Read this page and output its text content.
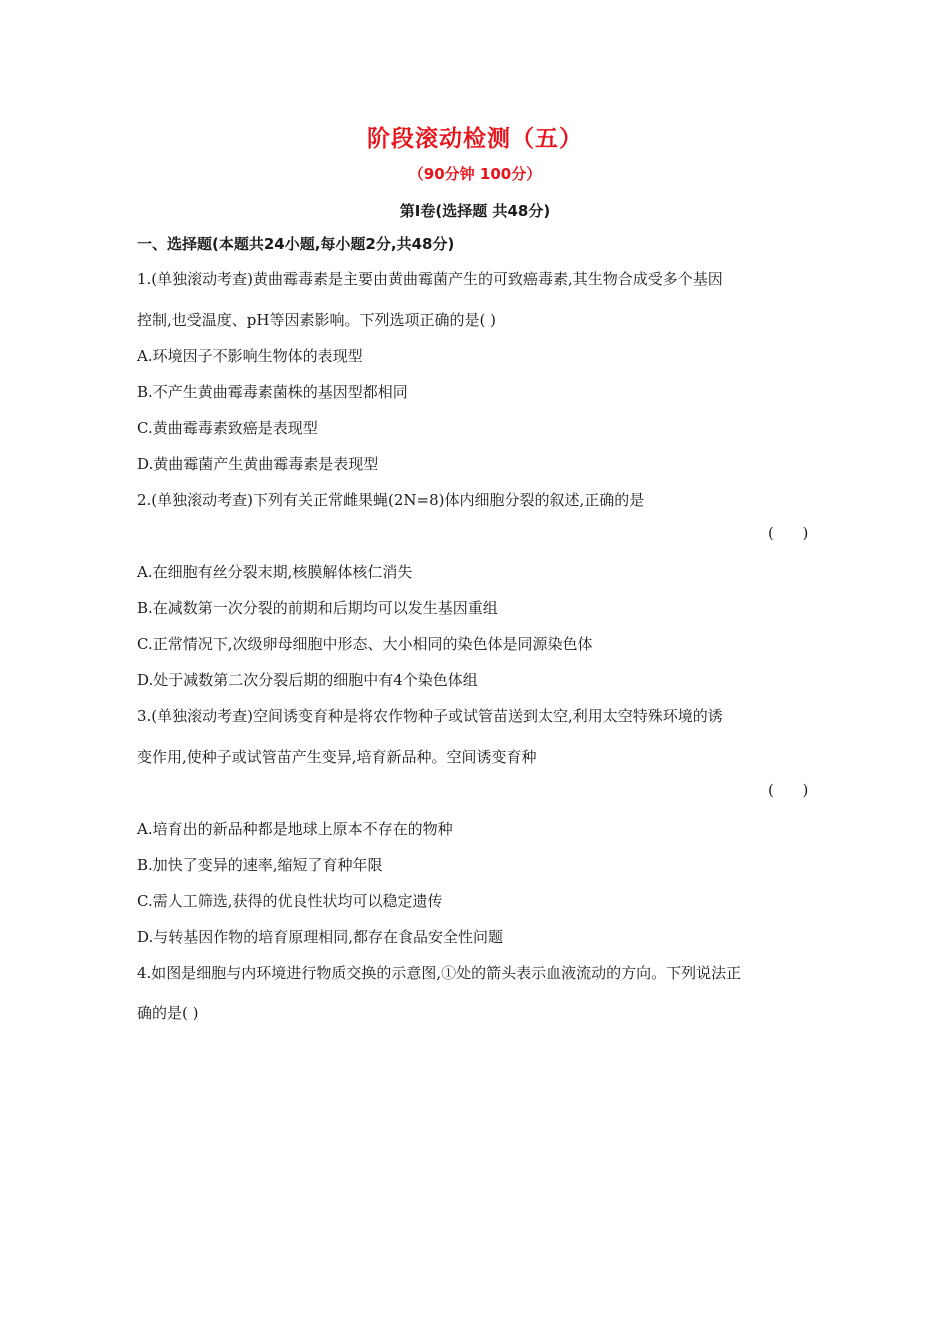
阶段滚动检测（五）
（90分钟 100分）
第Ⅰ卷(选择题 共48分)
一、选择题(本题共24小题,每小题2分,共48分)
1.(单独滚动考查)黄曲霉毒素是主要由黄曲霉菌产生的可致癌毒素,其生物合成受多个基因
控制,也受温度、pH等因素影响。下列选项正确的是( )
A.环境因子不影响生物体的表现型
B.不产生黄曲霉毒素菌株的基因型都相同
C.黄曲霉毒素致癌是表现型
D.黄曲霉菌产生黄曲霉毒素是表现型
2.(单独滚动考查)下列有关正常雌果蝇(2N=8)体内细胞分裂的叙述,正确的是
(      )
A.在细胞有丝分裂末期,核膜解体核仁消失
B.在减数第一次分裂的前期和后期均可以发生基因重组
C.正常情况下,次级卵母细胞中形态、大小相同的染色体是同源染色体
D.处于减数第二次分裂后期的细胞中有4个染色体组
3.(单独滚动考查)空间诱变育种是将农作物种子或试管苗送到太空,利用太空特殊环境的诱
变作用,使种子或试管苗产生变异,培育新品种。空间诱变育种
(      )
A.培育出的新品种都是地球上原本不存在的物种
B.加快了变异的速率,缩短了育种年限
C.需人工筛选,获得的优良性状均可以稳定遗传
D.与转基因作物的培育原理相同,都存在食品安全性问题
4.如图是细胞与内环境进行物质交换的示意图,①处的箭头表示血液流动的方向。下列说法正
确的是( )
